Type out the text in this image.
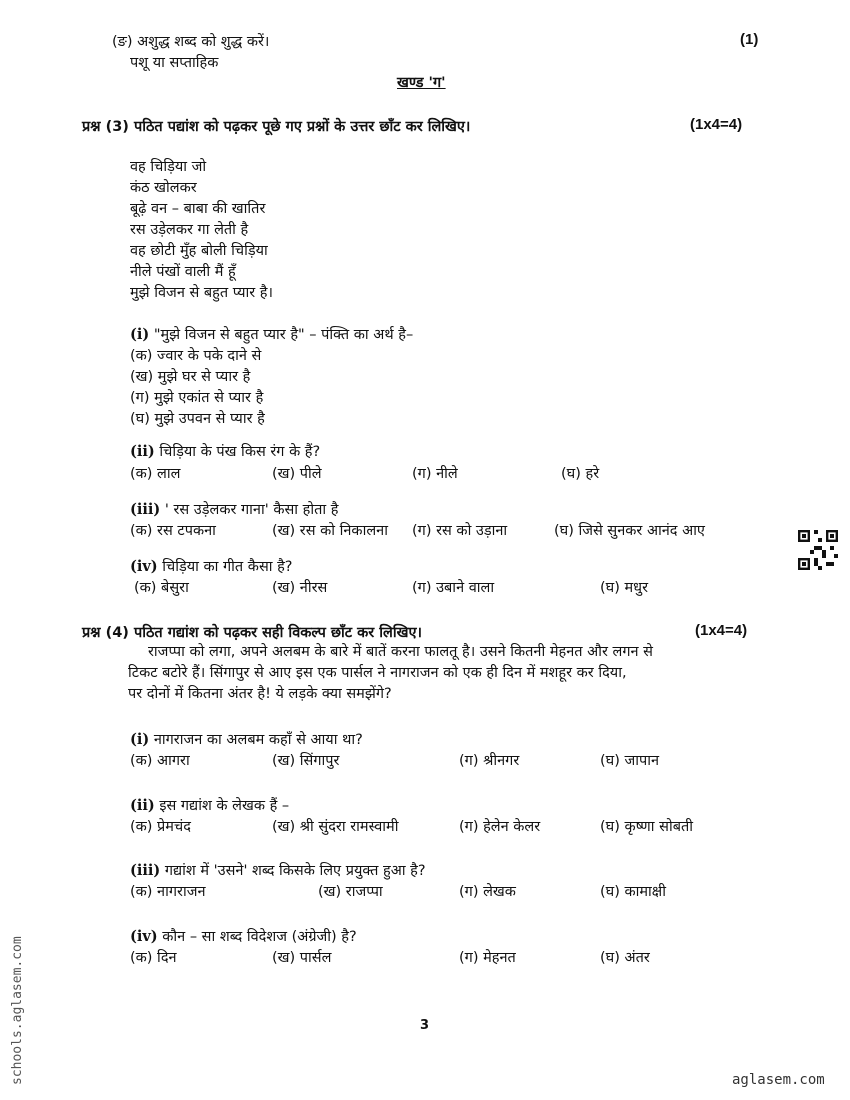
(ङ) अशुद्ध शब्द को शुद्ध करें।	(1)
पशू या सप्ताहिक
खण्ड 'ग'
प्रश्न (3) पठित पद्यांश को पढ़कर पूछे गए प्रश्नों के उत्तर छाँट कर लिखिए।	(1x4=4)
वह चिड़िया जो
कंठ खोलकर
बूढ़े वन – बाबा की खातिर
रस उड़ेलकर गा लेती है
वह छोटी मुँह बोली चिड़िया
नीले पंखों वाली मैं हूँ
मुझे विजन से बहुत प्यार है।
(i) "मुझे विजन से बहुत प्यार है" – पंक्ति का अर्थ है–
(क) ज्वार के पके दाने से
(ख) मुझे घर से प्यार है
(ग) मुझे एकांत से प्यार है
(घ) मुझे उपवन से प्यार है
(ii) चिड़िया के पंख किस रंग के हैं?
(क) लाल	(ख) पीले	(ग) नीले	(घ) हरे
(iii) ' रस उड़ेलकर गाना' कैसा होता है
(क) रस टपकना	(ख) रस को निकालना (ग) रस को उड़ाना	(घ) जिसे सुनकर आनंद आए
(iv) चिड़िया का गीत कैसा है?
(क) बेसुरा	(ख) नीरस	(ग) उबाने वाला	(घ) मधुर
प्रश्न (4) पठित गद्यांश को पढ़कर सही विकल्प छाँट कर लिखिए।	(1x4=4)
राजप्पा को लगा, अपने अलबम के बारे में बातें करना फालतू है। उसने कितनी मेहनत और लगन से
टिकट बटोरे हैं। सिंगापुर से आए इस एक पार्सल ने नागराजन को एक ही दिन में मशहूर कर दिया,
पर दोनों में कितना अंतर है! ये लड़के क्या समझेंगे?
(i) नागराजन का अलबम कहाँ से आया था?
(क) आगरा	(ख) सिंगापुर	(ग) श्रीनगर	(घ) जापान
(ii) इस गद्यांश के लेखक हैं –
(क) प्रेमचंद	(ख) श्री सुंदरा रामस्वामी	(ग) हेलेन केलर	(घ) कृष्णा सोबती
(iii) गद्यांश में 'उसने' शब्द किसके लिए प्रयुक्त हुआ है?
(क) नागराजन	(ख) राजप्पा	(ग) लेखक	(घ) कामाक्षी
(iv) कौन – सा शब्द विदेशज (अंग्रेजी) है?
(क) दिन	(ख) पार्सल	(ग) मेहनत	(घ) अंतर
3
schools.aglasem.com	aglasem.com
